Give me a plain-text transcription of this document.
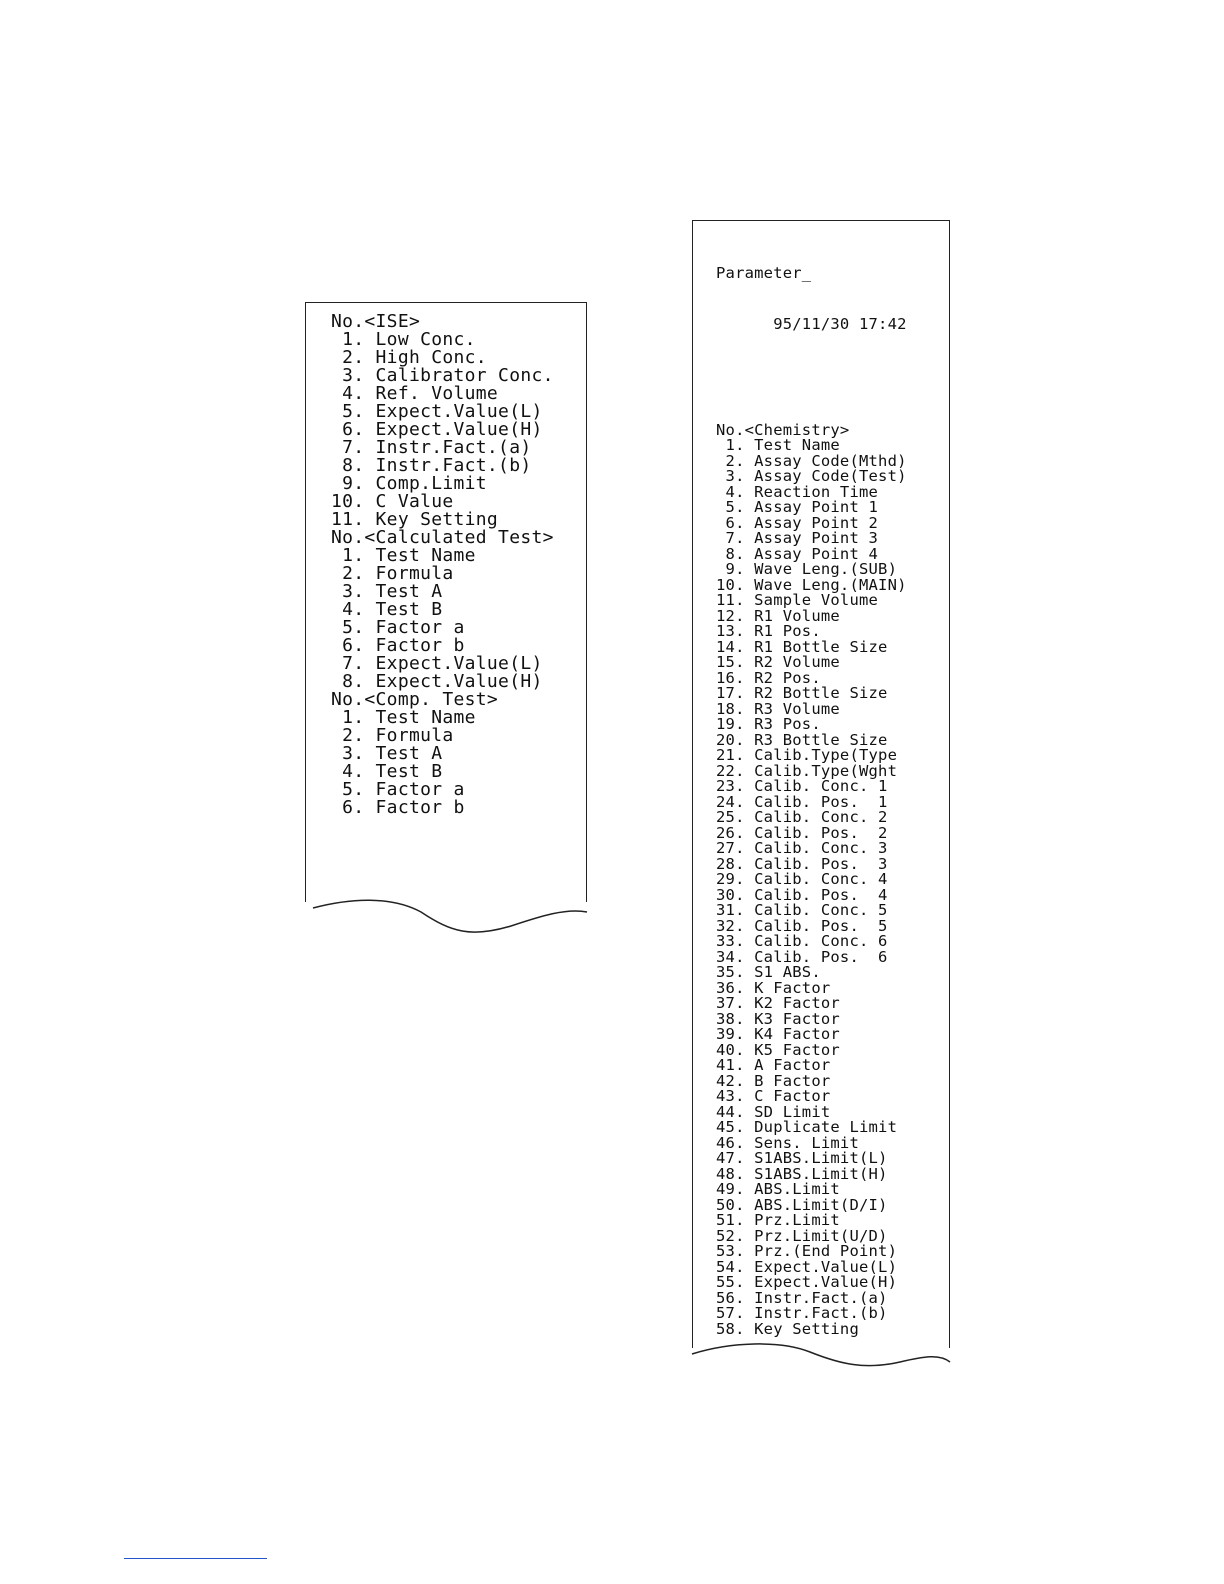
No.<ISE>
1. Low Conc.
2. High Conc.
3. Calibrator Conc.
4. Ref. Volume
5. Expect.Value(L)
6. Expect.Value(H)
7. Instr.Fact.(a)
8. Instr.Fact.(b)
9. Comp.Limit
10. C Value
11. Key Setting
No.<Calculated Test>
1. Test Name
2. Formula
3. Test A
4. Test B
5. Factor a
6. Factor b
7. Expect.Value(L)
8. Expect.Value(H)
No.<Comp. Test>
1. Test Name
2. Formula
3. Test A
4. Test B
5. Factor a
6. Factor b

Parameter_

95/11/30 17:42

No.<Chemistry>
1. Test Name
2. Assay Code(Mthd)
3. Assay Code(Test)
4. Reaction Time
5. Assay Point 1
6. Assay Point 2
7. Assay Point 3
8. Assay Point 4
9. Wave Leng.(SUB)
10. Wave Leng.(MAIN)
11. Sample Volume
12. R1 Volume
13. R1 Pos.
14. R1 Bottle Size
15. R2 Volume
16. R2 Pos.
17. R2 Bottle Size
18. R3 Volume
19. R3 Pos.
20. R3 Bottle Size
21. Calib.Type(Type
22. Calib.Type(Wght
23. Calib. Conc. 1
24. Calib. Pos.  1
25. Calib. Conc. 2
26. Calib. Pos.  2
27. Calib. Conc. 3
28. Calib. Pos.  3
29. Calib. Conc. 4
30. Calib. Pos.  4
31. Calib. Conc. 5
32. Calib. Pos.  5
33. Calib. Conc. 6
34. Calib. Pos.  6
35. S1 ABS.
36. K Factor
37. K2 Factor
38. K3 Factor
39. K4 Factor
40. K5 Factor
41. A Factor
42. B Factor
43. C Factor
44. SD Limit
45. Duplicate Limit
46. Sens. Limit
47. S1ABS.Limit(L)
48. S1ABS.Limit(H)
49. ABS.Limit
50. ABS.Limit(D/I)
51. Prz.Limit
52. Prz.Limit(U/D)
53. Prz.(End Point)
54. Expect.Value(L)
55. Expect.Value(H)
56. Instr.Fact.(a)
57. Instr.Fact.(b)
58. Key Setting
